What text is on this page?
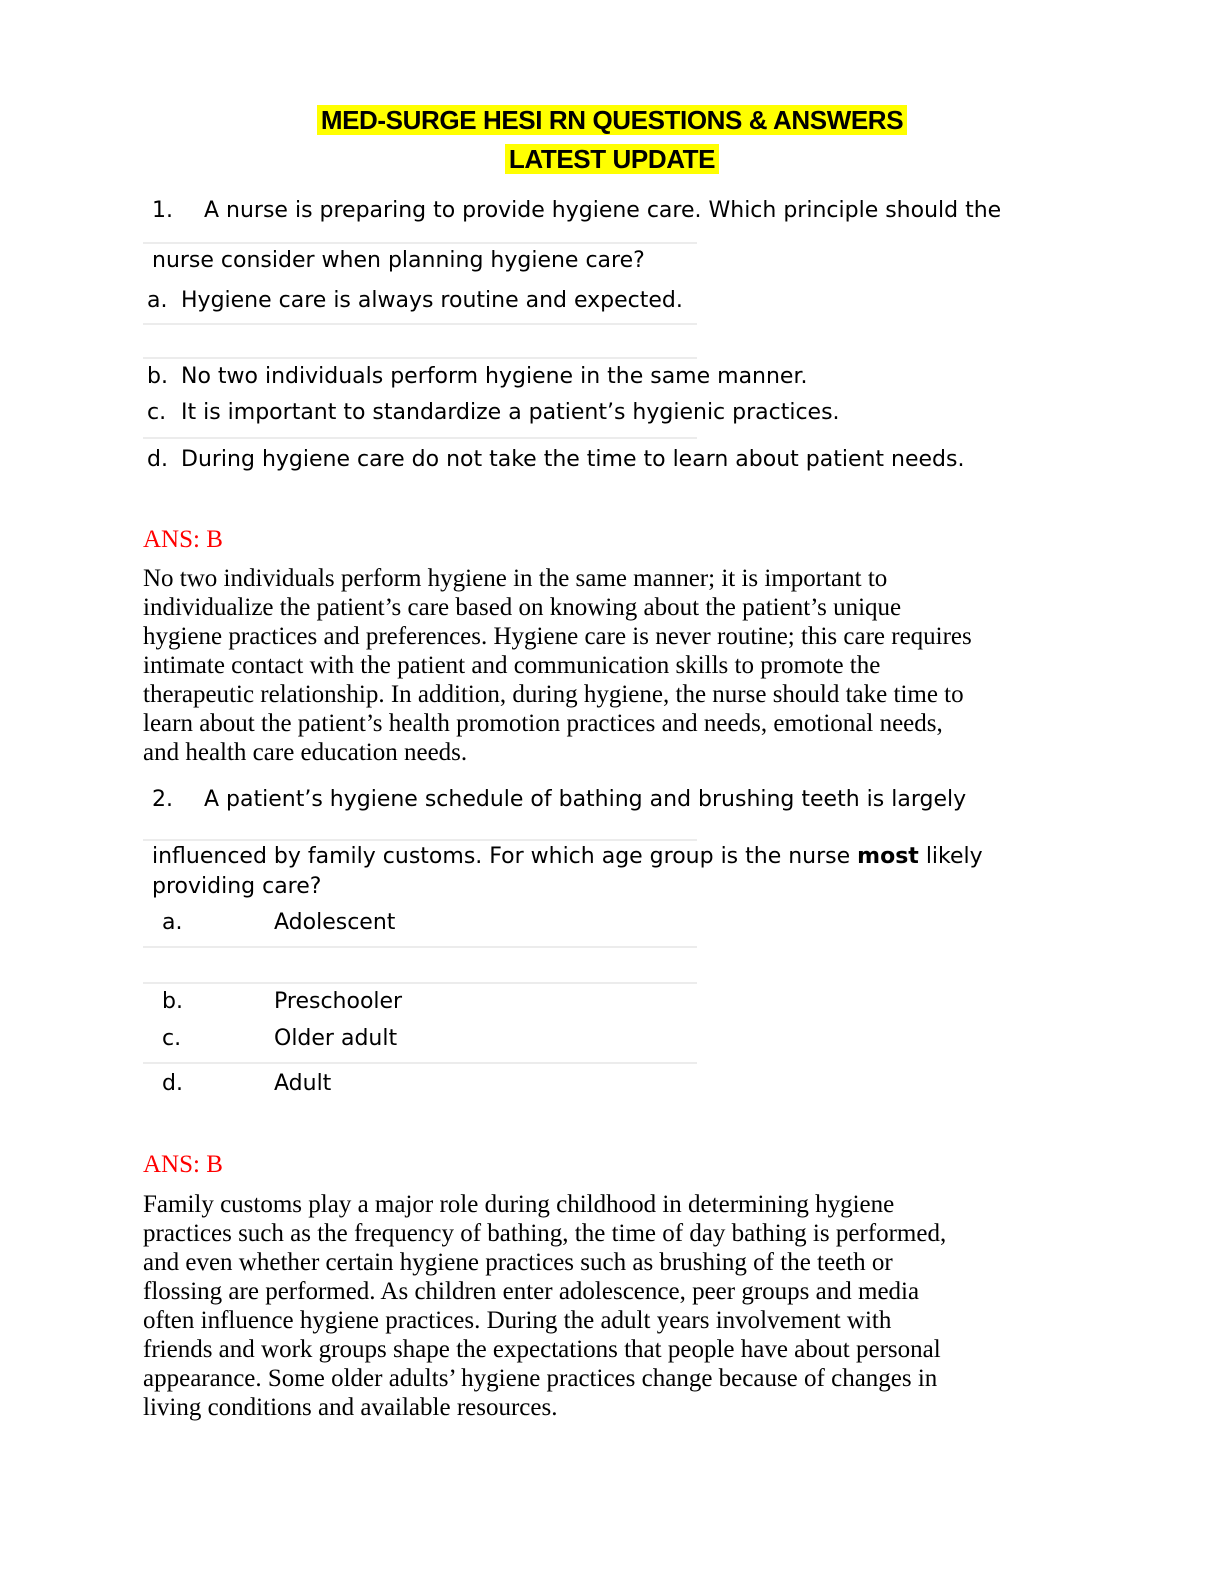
MED-SURGE HESI RN QUESTIONS & ANSWERS
LATEST UPDATE
1. A nurse is preparing to provide hygiene care. Which principle should the
nurse consider when planning hygiene care?
a. Hygiene care is always routine and expected.
b. No two individuals perform hygiene in the same manner.
c. It is important to standardize a patient’s hygienic practices.
d. During hygiene care do not take the time to learn about patient needs.
ANS: B
No two individuals perform hygiene in the same manner; it is important to
individualize the patient’s care based on knowing about the patient’s unique
hygiene practices and preferences. Hygiene care is never routine; this care requires
intimate contact with the patient and communication skills to promote the
therapeutic relationship. In addition, during hygiene, the nurse should take time to
learn about the patient’s health promotion practices and needs, emotional needs,
and health care education needs.
2. A patient’s hygiene schedule of bathing and brushing teeth is largely
influenced by family customs. For which age group is the nurse most likely
providing care?
a.	Adolescent
b.	Preschooler
c.	Older adult
d.	Adult
ANS: B
Family customs play a major role during childhood in determining hygiene
practices such as the frequency of bathing, the time of day bathing is performed,
and even whether certain hygiene practices such as brushing of the teeth or
flossing are performed. As children enter adolescence, peer groups and media
often influence hygiene practices. During the adult years involvement with
friends and work groups shape the expectations that people have about personal
appearance. Some older adults’ hygiene practices change because of changes in
living conditions and available resources.
